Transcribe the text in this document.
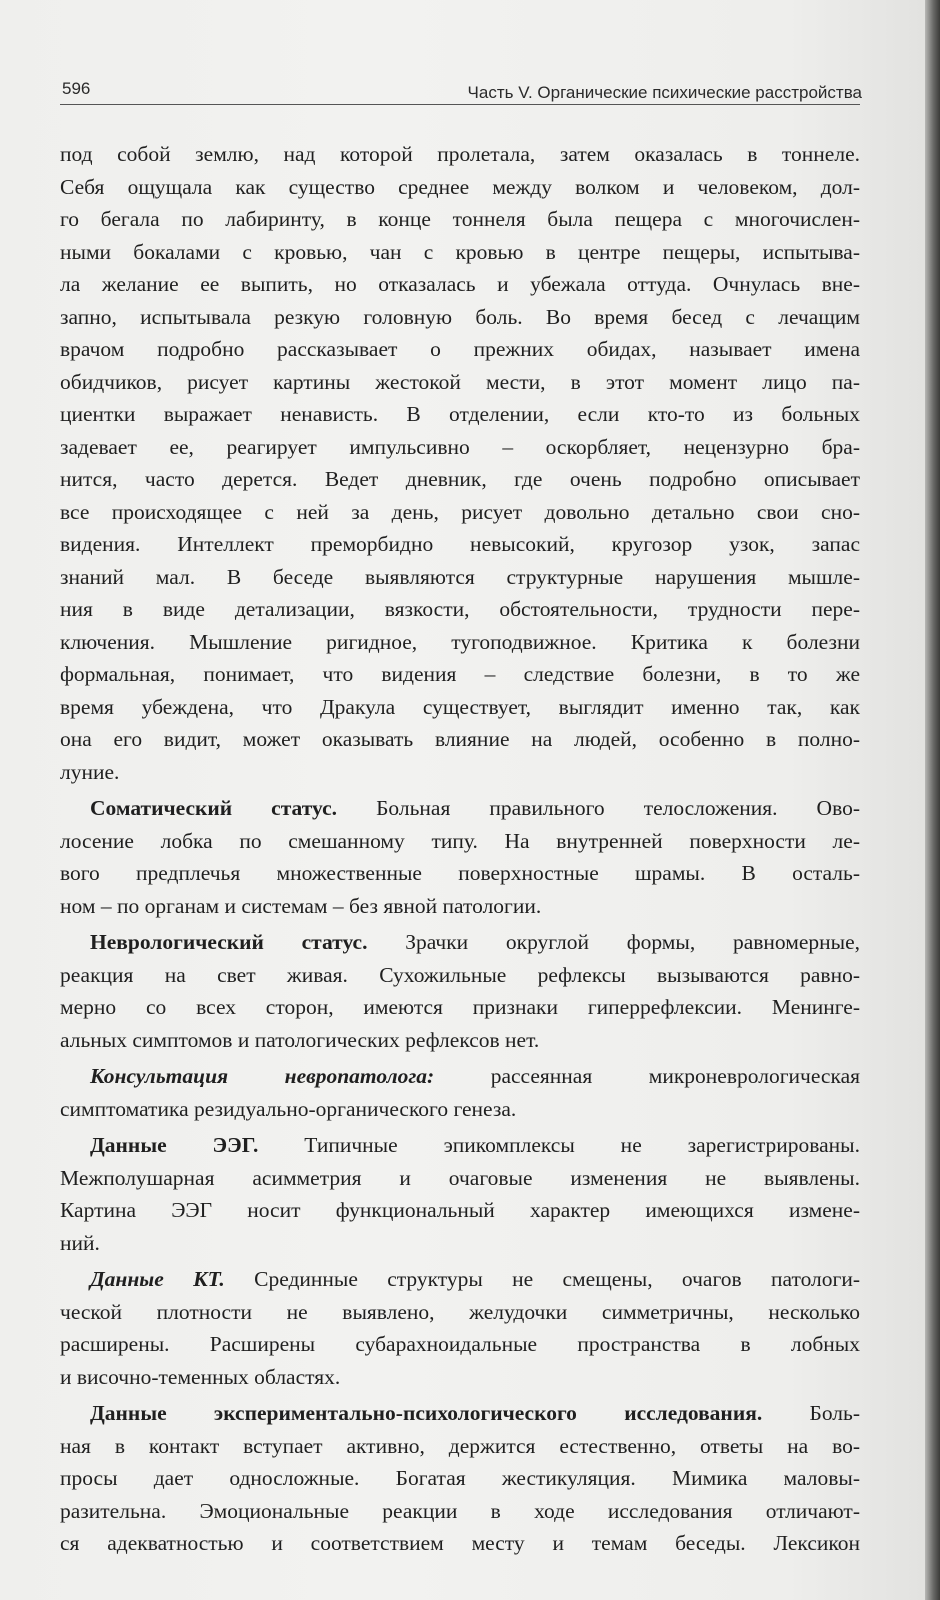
596	Часть V. Органические психические расстройства
под собой землю, над которой пролетала, затем оказалась в тоннеле.
Себя ощущала как существо среднее между волком и человеком, дол-
го бегала по лабиринту, в конце тоннеля была пещера с многочислен-
ными бокалами с кровью, чан с кровью в центре пещеры, испытыва-
ла желание ее выпить, но отказалась и убежала оттуда. Очнулась вне-
запно, испытывала резкую головную боль. Во время бесед с лечащим
врачом подробно рассказывает о прежних обидах, называет имена
обидчиков, рисует картины жестокой мести, в этот момент лицо па-
циентки выражает ненависть. В отделении, если кто-то из больных
задевает ее, реагирует импульсивно – оскорбляет, нецензурно бра-
нится, часто дерется. Ведет дневник, где очень подробно описывает
все происходящее с ней за день, рисует довольно детально свои сно-
видения. Интеллект преморбидно невысокий, кругозор узок, запас
знаний мал. В беседе выявляются структурные нарушения мышле-
ния в виде детализации, вязкости, обстоятельности, трудности пере-
ключения. Мышление ригидное, тугоподвижное. Критика к болезни
формальная, понимает, что видения – следствие болезни, в то же
время убеждена, что Дракула существует, выглядит именно так, как
она его видит, может оказывать влияние на людей, особенно в полно-
луние.
Соматический статус. Больная правильного телосложения. Ово-
лосение лобка по смешанному типу. На внутренней поверхности ле-
вого предплечья множественные поверхностные шрамы. В осталь-
ном – по органам и системам – без явной патологии.
Неврологический статус. Зрачки округлой формы, равномерные,
реакция на свет живая. Сухожильные рефлексы вызываются равно-
мерно со всех сторон, имеются признаки гиперрефлексии. Менинге-
альных симптомов и патологических рефлексов нет.
Консультация невропатолога:	рассеянная микроневрологическая
симптоматика резидуально-органического генеза.
Данные ЭЭГ. Типичные эпикомплексы не зарегистрированы.
Межполушарная асимметрия и очаговые изменения не выявлены.
Картина ЭЭГ носит функциональный характер имеющихся измене-
ний.
Данные КТ. Срединные структуры не смещены, очагов патологи-
ческой плотности не выявлено, желудочки симметричны, несколько
расширены. Расширены субарахноидальные пространства в лобных
и височно-теменных областях.
Данные экспериментально-психологического исследования. Боль-
ная в контакт вступает активно, держится естественно, ответы на во-
просы дает односложные. Богатая жестикуляция. Мимика маловы-
разительна. Эмоциональные реакции в ходе исследования отличают-
ся адекватностью и соответствием месту и темам беседы. Лексикон
